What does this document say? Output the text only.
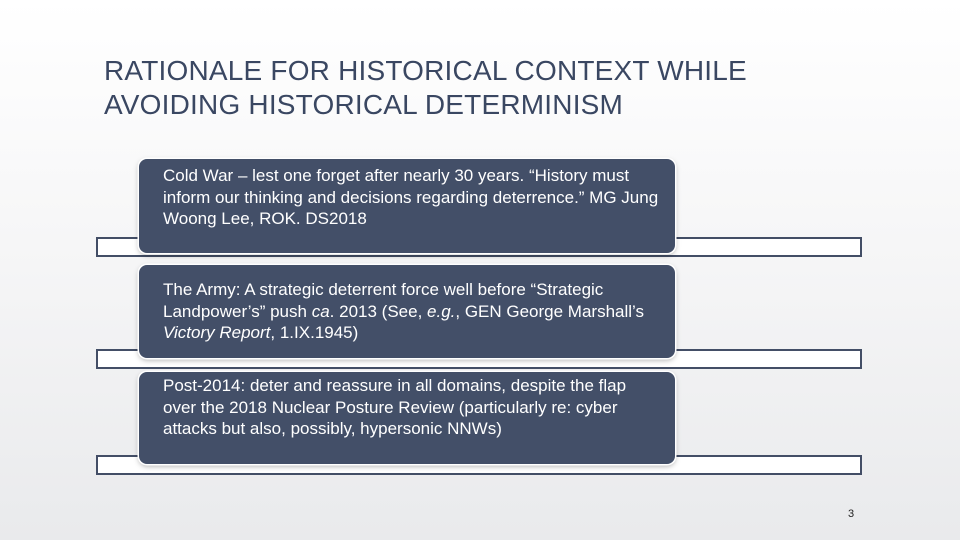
RATIONALE FOR HISTORICAL CONTEXT WHILE
AVOIDING HISTORICAL DETERMINISM

Cold War – lest one forget after nearly 30 years. “History must inform our thinking and decisions regarding deterrence.” MG Jung Woong Lee, ROK. DS2018

The Army: A strategic deterrent force well before “Strategic Landpower’s” push ca. 2013 (See, e.g., GEN George Marshall’s Victory Report, 1.IX.1945)

Post-2014: deter and reassure in all domains, despite the flap over the 2018 Nuclear Posture Review (particularly re: cyber attacks but also, possibly, hypersonic NNWs)

3
